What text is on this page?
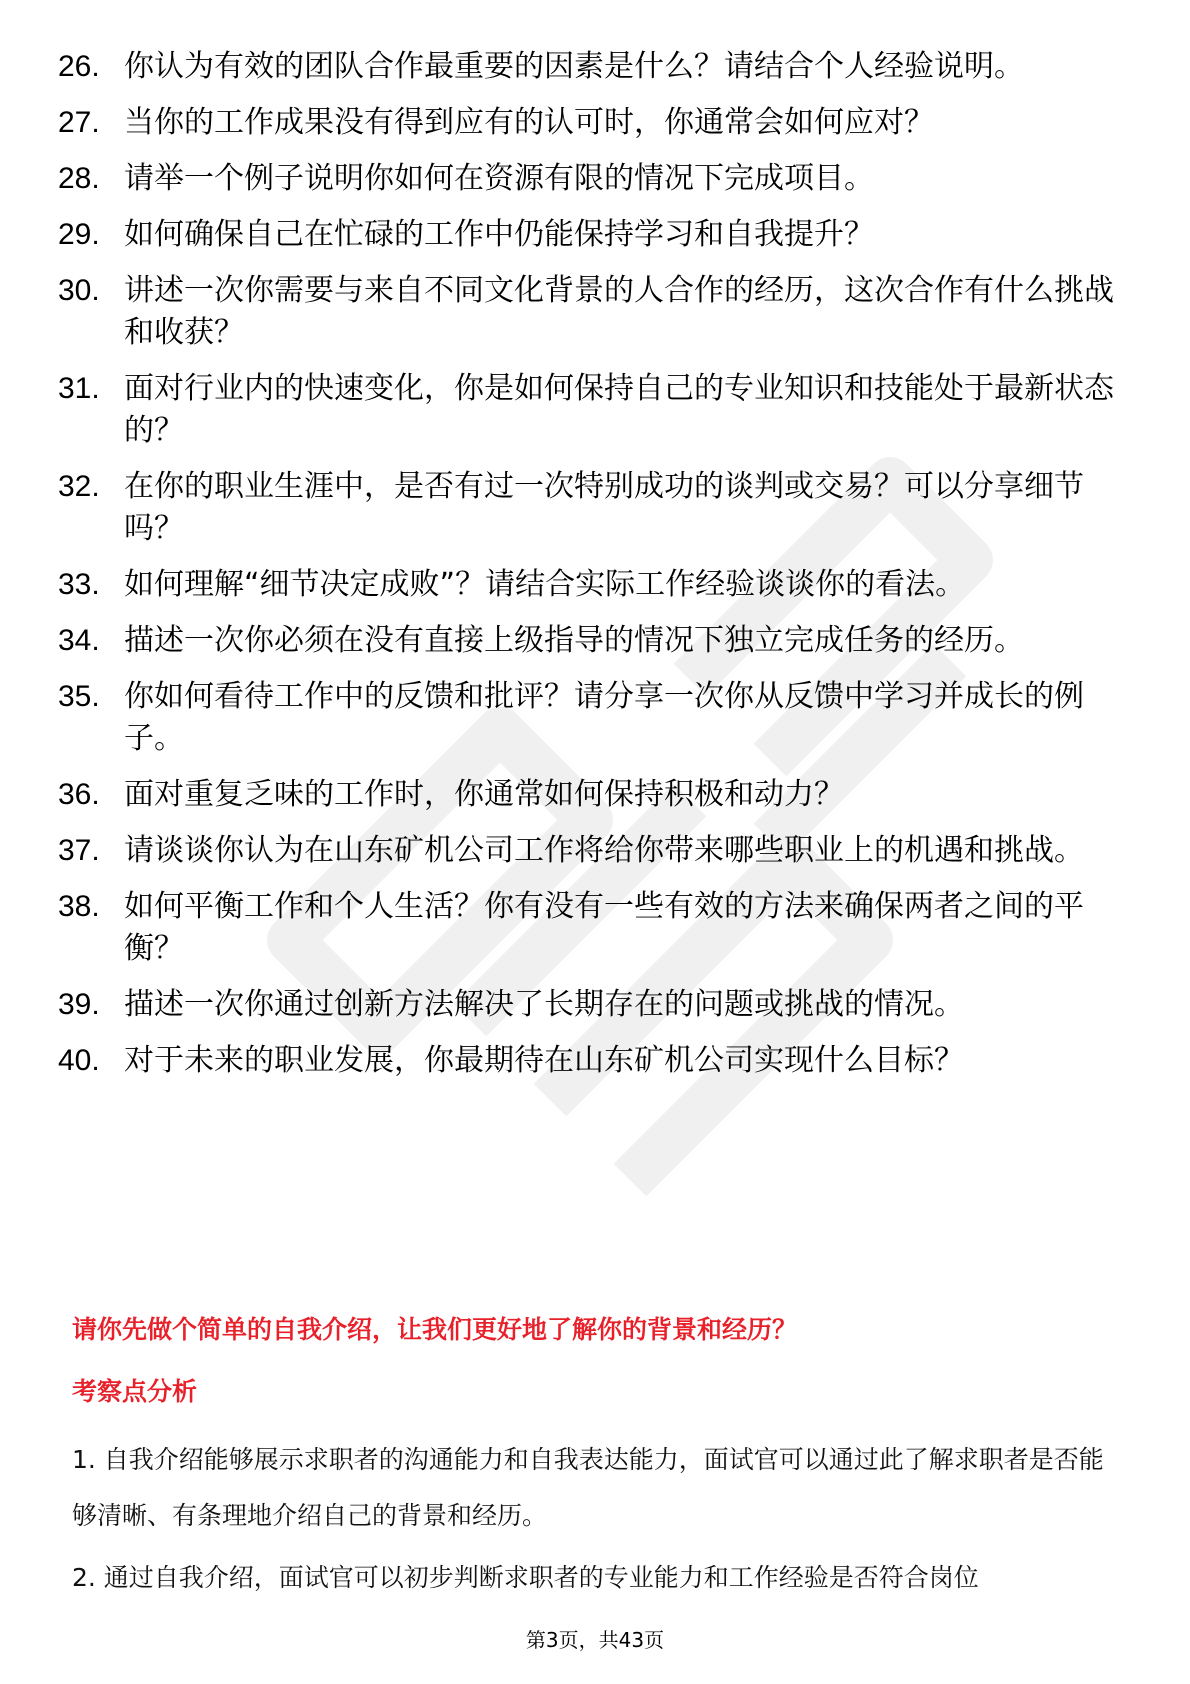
26. 你认为有效的团队合作最重要的因素是什么？请结合个人经验说明。
27. 当你的工作成果没有得到应有的认可时，你通常会如何应对？
28. 请举一个例子说明你如何在资源有限的情况下完成项目。
29. 如何确保自己在忙碌的工作中仍能保持学习和自我提升？
30. 讲述一次你需要与来自不同文化背景的人合作的经历，这次合作有什么挑战和收获？
31. 面对行业内的快速变化，你是如何保持自己的专业知识和技能处于最新状态的？
32. 在你的职业生涯中，是否有过一次特别成功的谈判或交易？可以分享细节吗？
33. 如何理解“细节决定成败”？请结合实际工作经验谈谈你的看法。
34. 描述一次你必须在没有直接上级指导的情况下独立完成任务的经历。
35. 你如何看待工作中的反馈和批评？请分享一次你从反馈中学习并成长的例子。
36. 面对重复乏味的工作时，你通常如何保持积极和动力？
37. 请谈谈你认为在山东矿机公司工作将给你带来哪些职业上的机遇和挑战。
38. 如何平衡工作和个人生活？你有没有一些有效的方法来确保两者之间的平衡？
39. 描述一次你通过创新方法解决了长期存在的问题或挑战的情况。
40. 对于未来的职业发展，你最期待在山东矿机公司实现什么目标？
请你先做个简单的自我介绍，让我们更好地了解你的背景和经历？
考察点分析

1. 自我介绍能够展示求职者的沟通能力和自我表达能力，面试官可以通过此了解求职者是否能够清晰、有条理地介绍自己的背景和经历。

2. 通过自我介绍，面试官可以初步判断求职者的专业能力和工作经验是否符合岗位

第3页，共43页
